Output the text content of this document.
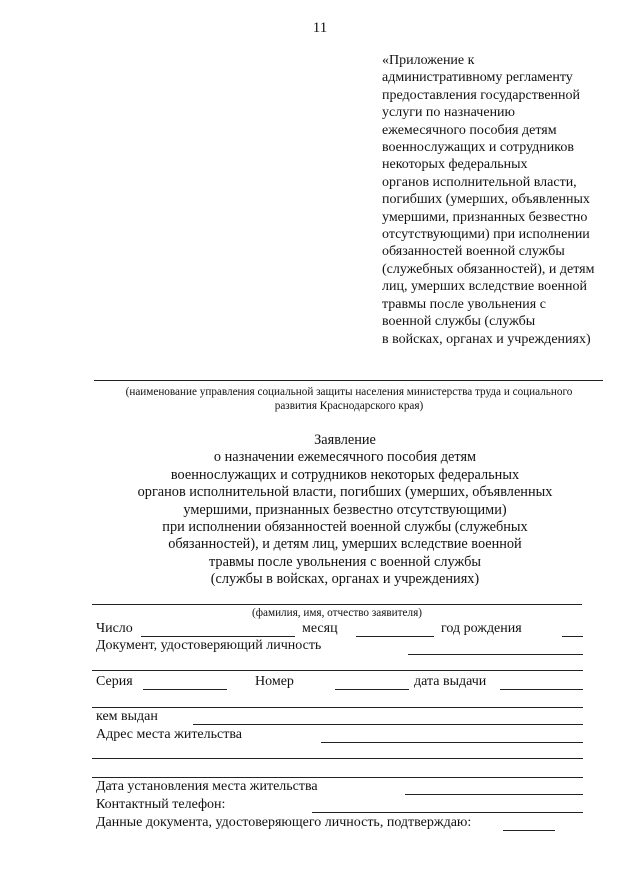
11
«Приложение к
административному регламенту
предоставления государственной
услуги по назначению
ежемесячного пособия детям
военнослужащих и сотрудников
некоторых федеральных
органов исполнительной власти,
погибших (умерших, объявленных
умершими, признанных безвестно
отсутствующими) при исполнении
обязанностей военной службы
(служебных обязанностей), и детям
лиц, умерших вследствие военной
травмы после увольнения с
военной службы (службы
в войсках, органах и учреждениях)
(наименование управления социальной защиты населения министерства труда и социального
развития Краснодарского края)
Заявление
о назначении ежемесячного пособия детям
военнослужащих и сотрудников некоторых федеральных
органов исполнительной власти, погибших (умерших, объявленных
умершими, признанных безвестно отсутствующими)
при исполнении обязанностей военной службы (служебных
обязанностей), и детям лиц, умерших вследствие военной
травмы после увольнения с военной службы
(службы в войсках, органах и учреждениях)
(фамилия, имя, отчество заявителя)
Число	месяц	год рождения
Документ, удостоверяющий личность
Серия	Номер	дата выдачи
кем выдан
Адрес места жительства
Дата установления места жительства
Контактный телефон:
Данные документа, удостоверяющего личность, подтверждаю:
